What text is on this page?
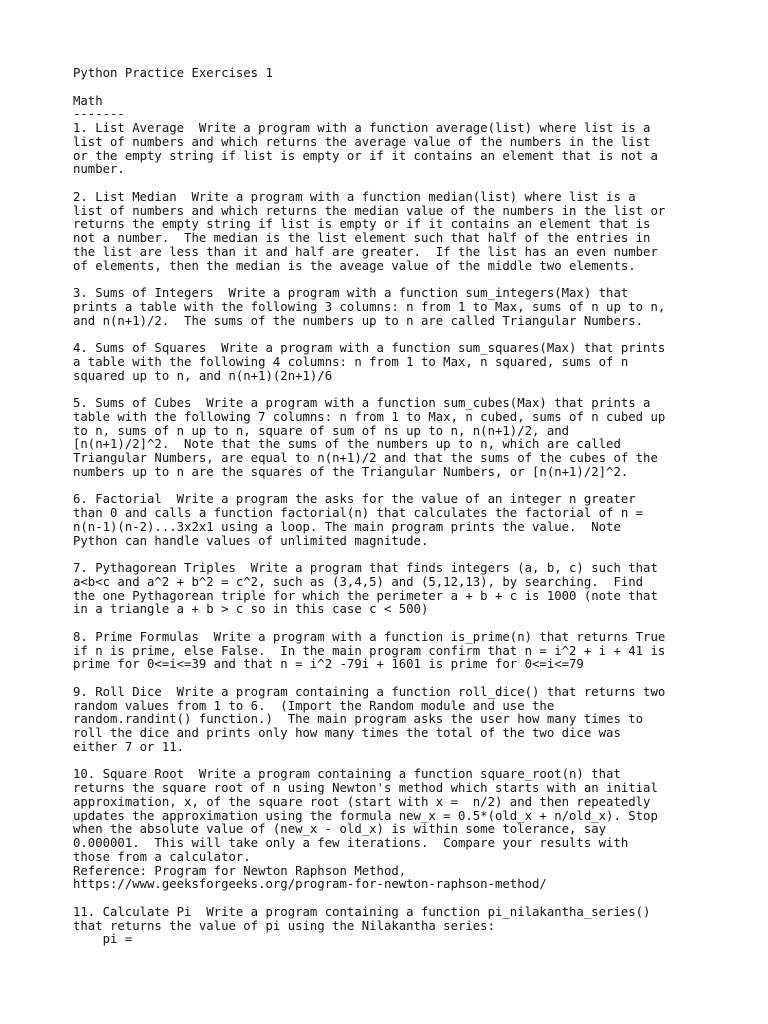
Python Practice Exercises 1
Math
-------
1. List Average  Write a program with a function average(list) where list is a
list of numbers and which returns the average value of the numbers in the list
or the empty string if list is empty or if it contains an element that is not a
number.
2. List Median  Write a program with a function median(list) where list is a
list of numbers and which returns the median value of the numbers in the list or
returns the empty string if list is empty or if it contains an element that is
not a number.  The median is the list element such that half of the entries in
the list are less than it and half are greater.  If the list has an even number
of elements, then the median is the aveage value of the middle two elements.
3. Sums of Integers  Write a program with a function sum_integers(Max) that
prints a table with the following 3 columns: n from 1 to Max, sums of n up to n,
and n(n+1)/2.  The sums of the numbers up to n are called Triangular Numbers.
4. Sums of Squares  Write a program with a function sum_squares(Max) that prints
a table with the following 4 columns: n from 1 to Max, n squared, sums of n
squared up to n, and n(n+1)(2n+1)/6
5. Sums of Cubes  Write a program with a function sum_cubes(Max) that prints a
table with the following 7 columns: n from 1 to Max, n cubed, sums of n cubed up
to n, sums of n up to n, square of sum of ns up to n, n(n+1)/2, and
[n(n+1)/2]^2.  Note that the sums of the numbers up to n, which are called
Triangular Numbers, are equal to n(n+1)/2 and that the sums of the cubes of the
numbers up to n are the squares of the Triangular Numbers, or [n(n+1)/2]^2.
6. Factorial  Write a program the asks for the value of an integer n greater
than 0 and calls a function factorial(n) that calculates the factorial of n =
n(n-1)(n-2)...3x2x1 using a loop. The main program prints the value.  Note
Python can handle values of unlimited magnitude.
7. Pythagorean Triples  Write a program that finds integers (a, b, c) such that
a<b<c and a^2 + b^2 = c^2, such as (3,4,5) and (5,12,13), by searching.  Find
the one Pythagorean triple for which the perimeter a + b + c is 1000 (note that
in a triangle a + b > c so in this case c < 500)
8. Prime Formulas  Write a program with a function is_prime(n) that returns True
if n is prime, else False.  In the main program confirm that n = i^2 + i + 41 is
prime for 0<=i<=39 and that n = i^2 -79i + 1601 is prime for 0<=i<=79
9. Roll Dice  Write a program containing a function roll_dice() that returns two
random values from 1 to 6.  (Import the Random module and use the
random.randint() function.)  The main program asks the user how many times to
roll the dice and prints only how many times the total of the two dice was
either 7 or 11.
10. Square Root  Write a program containing a function square_root(n) that
returns the square root of n using Newton's method which starts with an initial
approximation, x, of the square root (start with x =  n/2) and then repeatedly
updates the approximation using the formula new_x = 0.5*(old_x + n/old_x). Stop
when the absolute value of (new_x - old_x) is within some tolerance, say
0.000001.  This will take only a few iterations.  Compare your results with
those from a calculator.
Reference: Program for Newton Raphson Method,
https://www.geeksforgeeks.org/program-for-newton-raphson-method/
11. Calculate Pi  Write a program containing a function pi_nilakantha_series()
that returns the value of pi using the Nilakantha series:
pi =
